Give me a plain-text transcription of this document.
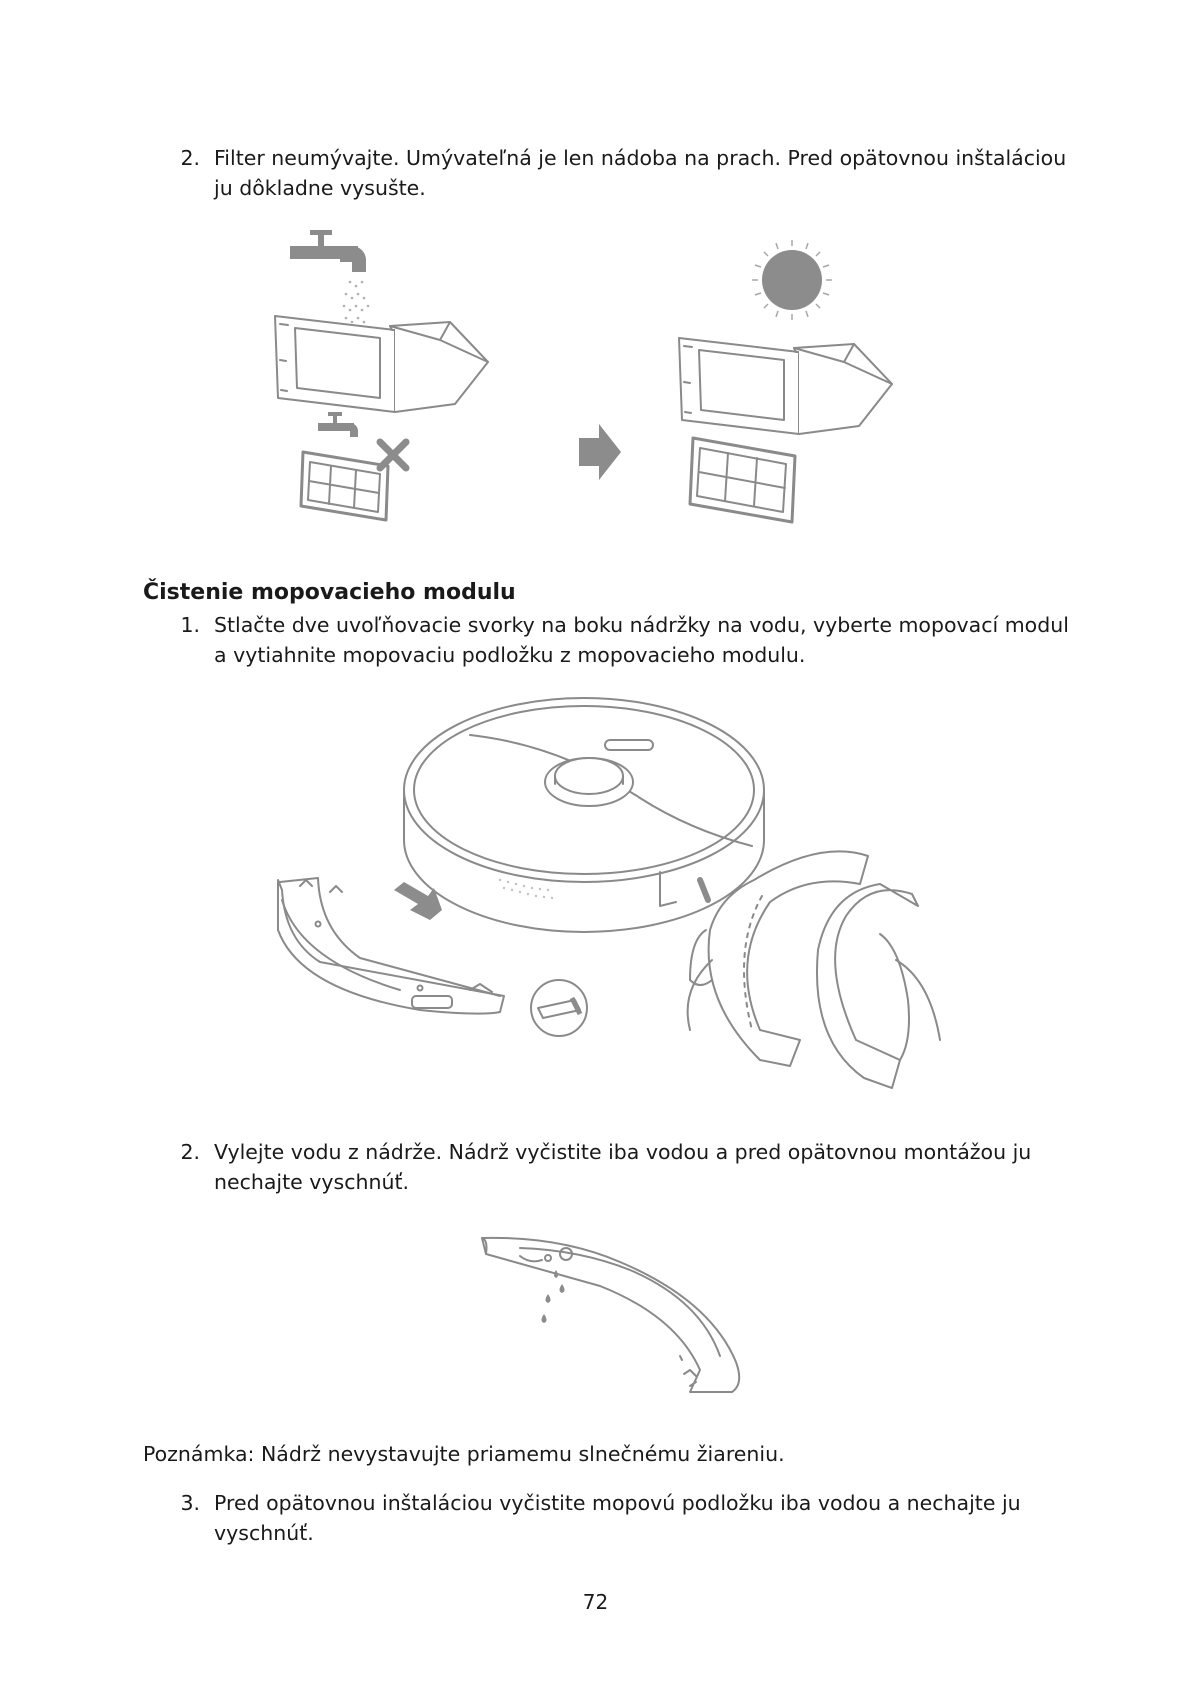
2. Filter neumývajte. Umývateľná je len nádoba na prach. Pred opätovnou inštaláciou ju dôkladne vysušte.
Čistenie mopovacieho modulu
1. Stlačte dve uvoľňovacie svorky na boku nádržky na vodu, vyberte mopovací modul a vytiahnite mopovaciu podložku z mopovacieho modulu.
2. Vylejte vodu z nádrže. Nádrž vyčistite iba vodou a pred opätovnou montážou ju nechajte vyschnúť.
Poznámka: Nádrž nevystavujte priamemu slnečnému žiareniu.
3. Pred opätovnou inštaláciou vyčistite mopovú podložku iba vodou a nechajte ju vyschnúť.
72
